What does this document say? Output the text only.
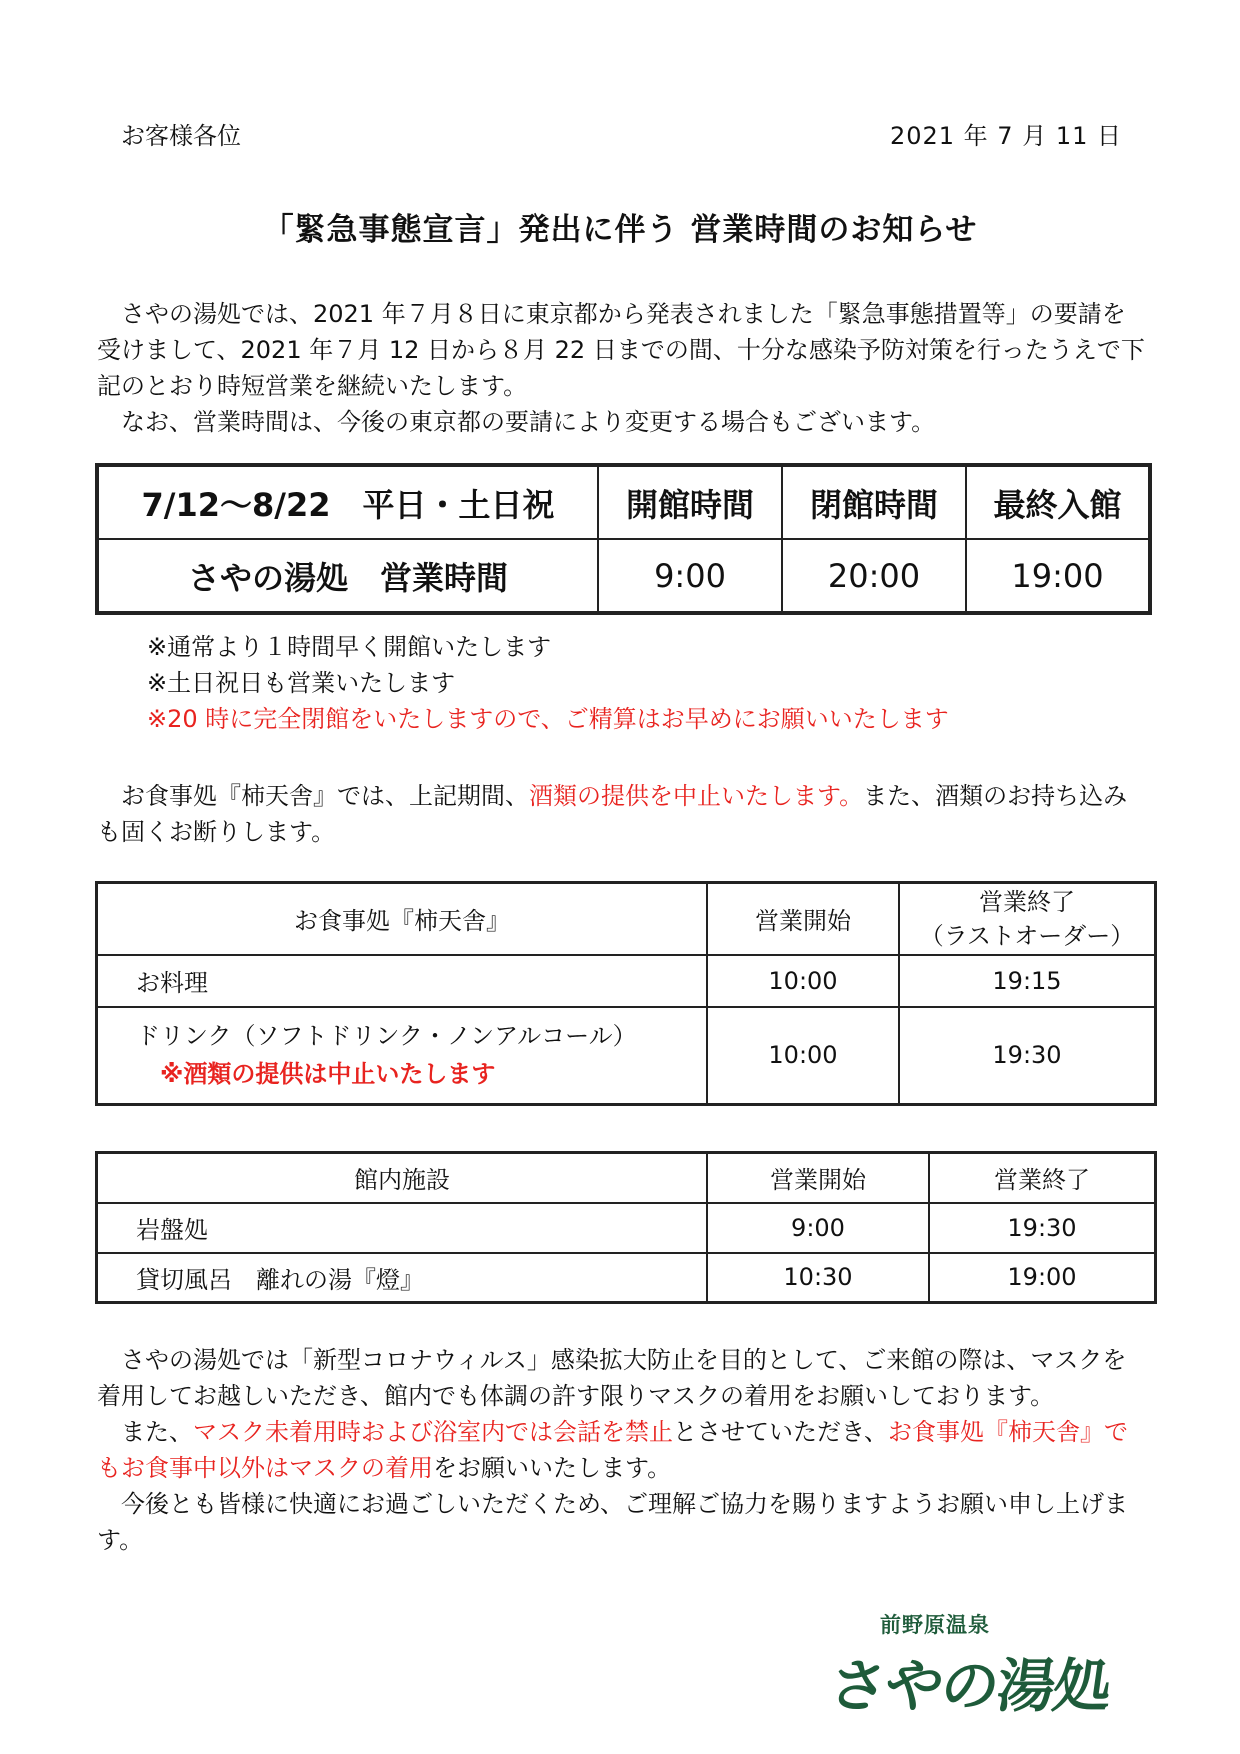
お客様各位	2021 年 7 月 11 日
「緊急事態宣言」発出に伴う 営業時間のお知らせ

さやの湯処では、2021 年７月８日に東京都から発表されました「緊急事態措置等」の要請を受けまして、2021 年７月 12 日から８月 22 日までの間、十分な感染予防対策を行ったうえで下記のとおり時短営業を継続いたします。

なお、営業時間は、今後の東京都の要請により変更する場合もございます。

7/12～8/22　平日・土日祝	開館時間	閉館時間	最終入館
さやの湯処　営業時間	9:00	20:00	19:00
※通常より１時間早く開館いたします
※土日祝日も営業いたします
※20 時に完全閉館をいたしますので、ご精算はお早めにお願いいたします

お食事処『柿天舎』では、上記期間、酒類の提供を中止いたします。また、酒類のお持ち込みも固くお断りします。

お食事処『柿天舎』	営業開始	営業終了
（ラストオーダー）

お料理	10:00	19:15

ドリンク（ソフトドリンク・ノンアルコール）
※酒類の提供は中止いたします	10:00	19:30
館内施設	営業開始	営業終了
岩盤処	9:00	19:30
貸切風呂　離れの湯『燈』	10:30	19:00

さやの湯処では「新型コロナウィルス」感染拡大防止を目的として、ご来館の際は、マスクを着用してお越しいただき、館内でも体調の許す限りマスクの着用をお願いしております。

また、マスク未着用時および浴室内では会話を禁止とさせていただき、お食事処『柿天舎』でもお食事中以外はマスクの着用をお願いいたします。

今後とも皆様に快適にお過ごしいただくため、ご理解ご協力を賜りますようお願い申し上げます。

前野原温泉
さやの湯処
